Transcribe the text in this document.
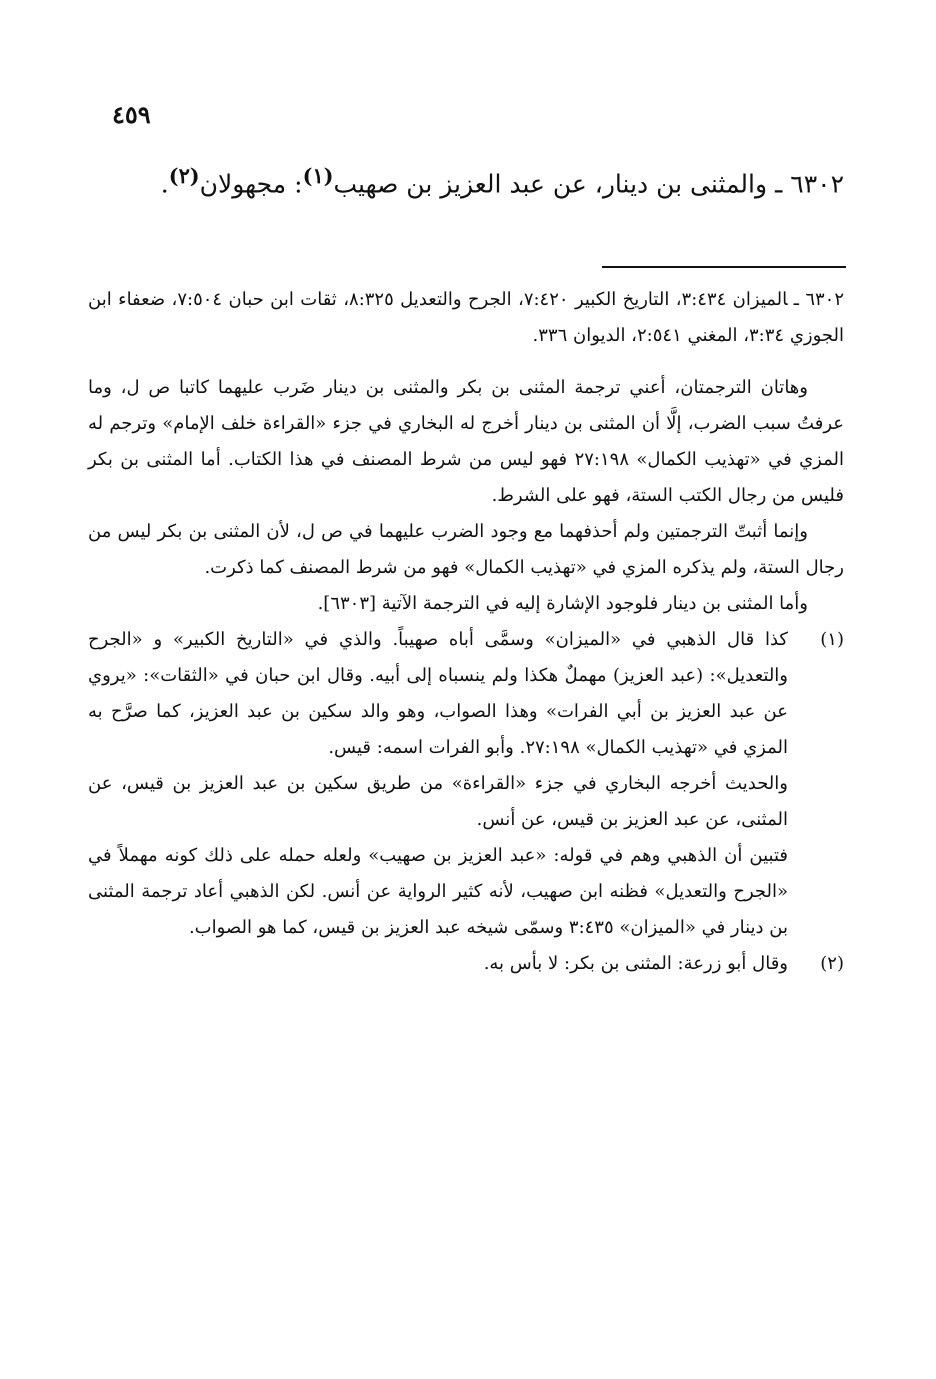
٤٥٩
٦٣٠٢ ـ والمثنى بن دينار، عن عبد العزيز بن صهيب$^{(١)}$: مجهولان$^{(٢)}$.

٦٣٠٢ ـالميزان ٣:٤٣٤، التاريخ الكبير ٧:٤٢٠، الجرح والتعديل ٨:٣٢٥، ثقات ابن حبان ٧:٥٠٤، ضعفاء ابن الجوزي ٣:٣٤، المغني ٢:٥٤١، الديوان ٣٣٦.

وهاتان الترجمتان، أعني ترجمة المثنى بن بكر والمثنى بن دينار ضَرب عليهما كاتبا ص ل، وما عرفتُ سبب الضرب، إلَّا أن المثنى بن دينار أخرج له البخاري في جزء «القراءة خلف الإمام» وترجم له المزي في «تهذيب الكمال» ٢٧:١٩٨ فهو ليس من شرط المصنف في هذا الكتاب. أما المثنى بن بكر فليس من رجال الكتب الستة، فهو على الشرط.

وإنما أثبتّ الترجمتين ولم أحذفهما مع وجود الضرب عليهما في ص ل، لأن المثنى بن بكر ليس من رجال الستة، ولم يذكره المزي في «تهذيب الكمال» فهو من شرط المصنف كما ذكرت.

وأما المثنى بن دينار فلوجود الإشارة إليه في الترجمة الآتية [٦٣٠٣].

(١)
كذا قال الذهبي في «الميزان» وسمَّى أباه صهيباً. والذي في «التاريخ الكبير» و «الجرح والتعديل»: (عبد العزيز) مهملٌ هكذا ولم ينسباه إلى أبيه. وقال ابن حبان في «الثقات»: «يروي عن عبد العزيز بن أبي الفرات» وهذا الصواب، وهو والد سكين بن عبد العزيز، كما صرَّح به المزي في «تهذيب الكمال» ٢٧:١٩٨. وأبو الفرات اسمه: قيس.

والحديث أخرجه البخاري في جزء «القراءة» من طريق سكين بن عبد العزيز بن قيس، عن المثنى، عن عبد العزيز بن قيس، عن أنس.

فتبين أن الذهبي وهم في قوله: «عبد العزيز بن صهيب» ولعله حمله على ذلك كونه مهملاً في «الجرح والتعديل» فظنه ابن صهيب، لأنه كثير الرواية عن أنس. لكن الذهبي أعاد ترجمة المثنى بن دينار في «الميزان» ٣:٤٣٥ وسمّى شيخه عبد العزيز بن قيس، كما هو الصواب.

(٢)
وقال أبو زرعة: المثنى بن بكر: لا بأس به.
